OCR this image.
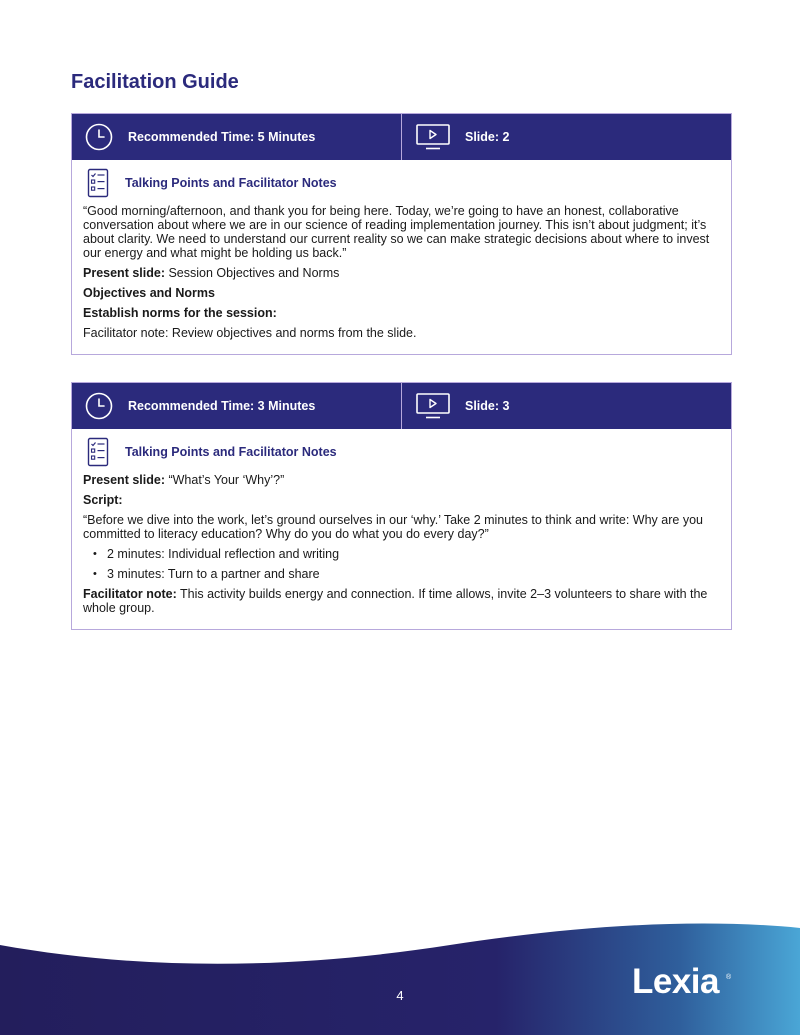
Facilitation Guide
Recommended Time: 5 Minutes	Slide: 2
Talking Points and Facilitator Notes

“Good morning/afternoon, and thank you for being here. Today, we’re going to have an honest, collaborative conversation about where we are in our science of reading implementation journey. This isn’t about judgment; it’s about clarity. We need to understand our current reality so we can make strategic decisions about where to invest our energy and what might be holding us back.”

Present slide: Session Objectives and Norms

Objectives and Norms

Establish norms for the session:

Facilitator note: Review objectives and norms from the slide.

Recommended Time: 3 Minutes	Slide: 3
Talking Points and Facilitator Notes

Present slide: “What’s Your ‘Why’?”

Script:

“Before we dive into the work, let’s ground ourselves in our ‘why.’ Take 2 minutes to think and write: Why are you committed to literacy education? Why do you do what you do every day?”

• 2 minutes: Individual reflection and writing
• 3 minutes: Turn to a partner and share

Facilitator note: This activity builds energy and connection. If time allows, invite 2–3 volunteers to share with the whole group.

4	Lexia ®
